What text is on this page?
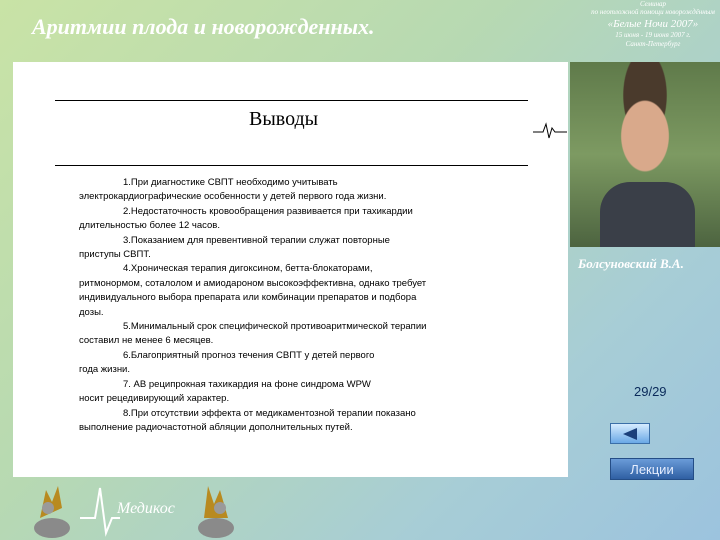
Аритмии плода и новорожденных.
Семинар
по неотложной помощи новорождённым
«Белые Ночи 2007»
15 июня - 19 июня 2007 г.
Санкт-Петербург
Выводы
1.При диагностике СВПТ необходимо учитывать
электрокардиографические особенности у детей первого года жизни.
2.Недостаточность кровообращения развивается при тахикардии
длительностью более 12 часов.
3.Показанием для превентивной терапии служат повторные
приступы СВПТ.
4.Хроническая терапия дигоксином, бетта-блокаторами,
ритмонормом, соталолом и амиодароном высокоэффективна, однако требует
индивидуального выбора препарата или комбинации препаратов и подбора
дозы.
5.Минимальный срок специфической противоаритмической терапии
составил не менее 6 месяцев.
6.Благоприятный прогноз течения СВПТ у детей первого
года жизни.
7. АВ реципрокная тахикардия на фоне синдрома WPW
носит рецедивирующий характер.
8.При отсутствии эффекта от медикаментозной терапии показано
выполнение радиочастотной абляции дополнительных путей.
Болсуновский В.А.
29/29
Лекции
Медикос
